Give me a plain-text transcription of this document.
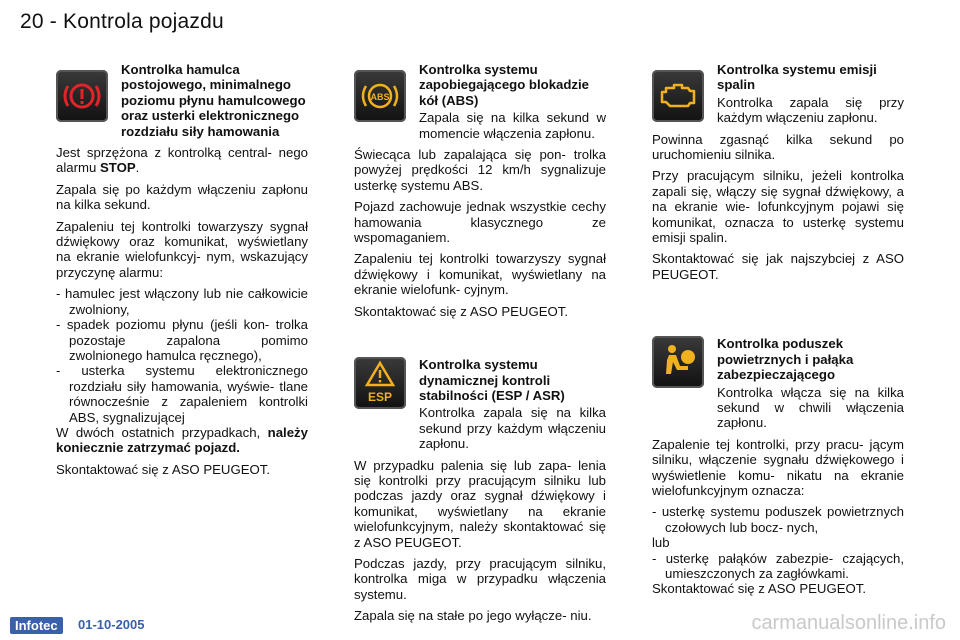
20 - Kontrola pojazdu
Kontrolka hamulca postojowego, minimalnego poziomu płynu hamulcowego oraz usterki elektronicznego rozdziału siły hamowania

Jest sprzężona z kontrolką central- nego alarmu STOP.

Zapala się po każdym włączeniu zapłonu na kilka sekund.

Zapaleniu tej kontrolki towarzyszy sygnał dźwiękowy oraz komunikat, wyświetlany na ekranie wielofunkcyj- nym, wskazujący przyczynę alarmu:

- hamulec jest włączony lub nie całkowicie zwolniony,
- spadek poziomu płynu (jeśli kon- trolka pozostaje zapalona pomimo zwolnionego hamulca ręcznego),
- usterka systemu elektronicznego rozdziału siły hamowania, wyświe- tlane równocześnie z zapaleniem kontrolki ABS, sygnalizującej

W dwóch ostatnich przypadkach, należy koniecznie zatrzymać pojazd.

Skontaktować się z ASO PEUGEOT.

ABS
Kontrolka systemu zapobiegającego blokadzie kół (ABS)

Zapala się na kilka sekund w momencie włączenia zapłonu.

Świecąca lub zapalająca się pon- trolka powyżej prędkości 12 km/h sygnalizuje usterkę systemu ABS.

Pojazd zachowuje jednak wszystkie cechy hamowania klasycznego ze wspomaganiem.

Zapaleniu tej kontrolki towarzyszy sygnał dźwiękowy i komunikat, wyświetlany na ekranie wielofunk- cyjnym.

Skontaktować się z ASO PEUGEOT.

ESP
Kontrolka systemu dynamicznej kontroli stabilności (ESP / ASR)

Kontrolka zapala się na kilka sekund przy każdym włączeniu zapłonu.

W przypadku palenia się lub zapa- lenia się kontrolki przy pracującym silniku lub podczas jazdy oraz sygnał dźwiękowy i komunikat, wyświetlany na ekranie wielofunkcyjnym, należy skontaktować się z ASO PEUGEOT.

Podczas jazdy, przy pracującym silniku, kontrolka miga w przypadku włączenia systemu.

Zapala się na stałe po jego wyłącze- niu.

Kontrolka systemu emisji spalin

Kontrolka zapala się przy każdym włączeniu zapłonu.

Powinna zgasnąć kilka sekund po uruchomieniu silnika.

Przy pracującym silniku, jeżeli kontrolka zapali się, włączy się sygnał dźwiękowy, a na ekranie wie- lofunkcyjnym pojawi się komunikat, oznacza to usterkę systemu emisji spalin.

Skontaktować się jak najszybciej z ASO PEUGEOT.

Kontrolka poduszek powietrznych i pałąka zabezpieczającego

Kontrolka włącza się na kilka sekund w chwili włączenia zapłonu.

Zapalenie tej kontrolki, przy pracu- jącym silniku, włączenie sygnału dźwiękowego i wyświetlenie komu- nikatu na ekranie wielofunkcyjnym oznacza:

- usterkę systemu poduszek powietrznych czołowych lub bocz- nych,

lub

- usterkę pałąków zabezpie- czających, umieszczonych za zagłówkami.

Skontaktować się z ASO PEUGEOT.

Infotec	01-10-2005	carmanualsonline.info
